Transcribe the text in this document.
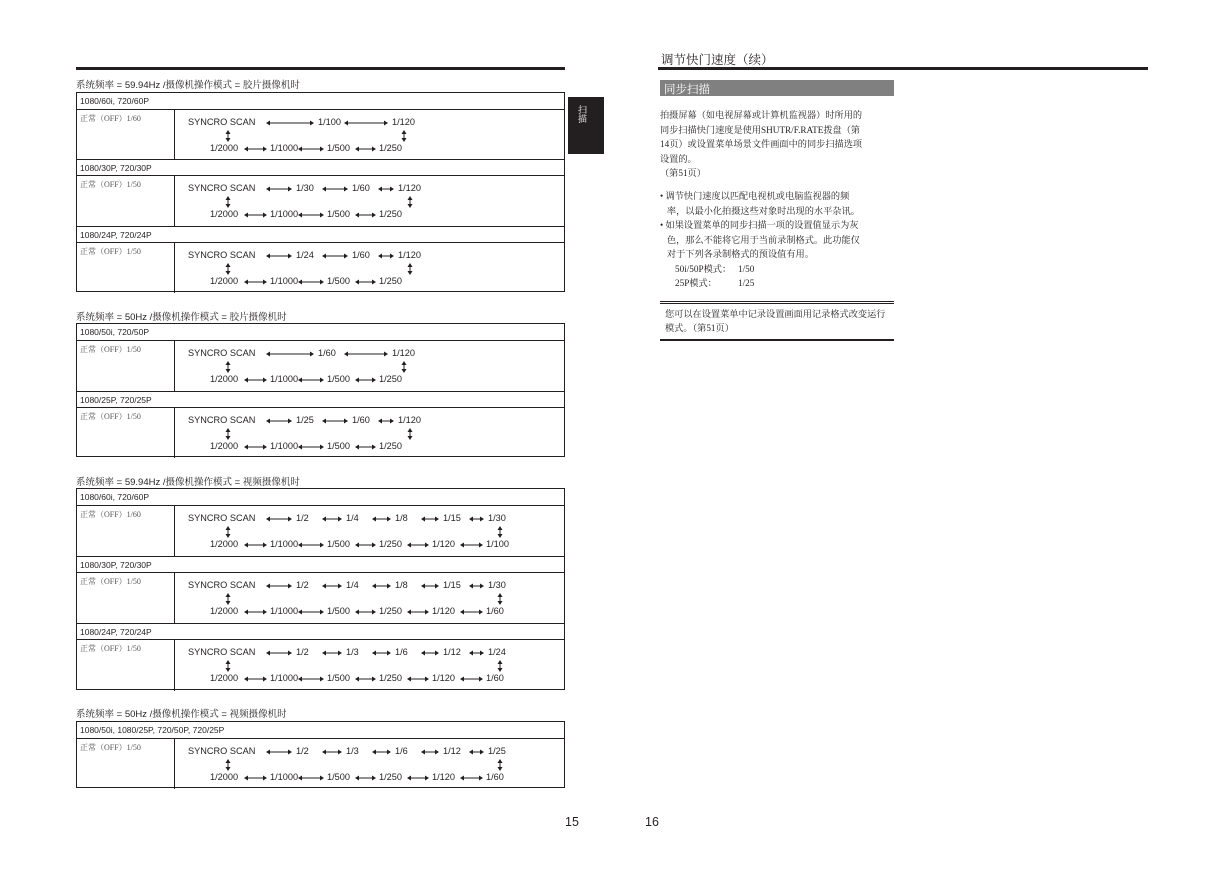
扫描
系统频率 = 59.94Hz /摄像机操作模式 = 胶片摄像机时
1080/60i, 720/60P
正常（OFF）1/60	SYNCRO SCAN	1/100	1/120
1/2000	1/1000	1/500	1/250
1080/30P, 720/30P
正常（OFF）1/50	SYNCRO SCAN	1/30	1/60	1/120
1/2000	1/1000	1/500	1/250
1080/24P, 720/24P
正常（OFF）1/50	SYNCRO SCAN	1/24	1/60	1/120
1/2000	1/1000	1/500	1/250
系统频率 = 50Hz /摄像机操作模式 = 胶片摄像机时
1080/50i, 720/50P
正常（OFF）1/50	SYNCRO SCAN	1/60	1/120
1/2000	1/1000	1/500	1/250
1080/25P, 720/25P
正常（OFF）1/50	SYNCRO SCAN	1/25	1/60	1/120
1/2000	1/1000	1/500	1/250
系统频率 = 59.94Hz /摄像机操作模式 = 视频摄像机时
1080/60i, 720/60P
正常（OFF）1/60	SYNCRO SCAN	1/2	1/4	1/8	1/15	1/30
1/2000	1/1000	1/500	1/250	1/120	1/100
1080/30P, 720/30P
正常（OFF）1/50	SYNCRO SCAN	1/2	1/4	1/8	1/15	1/30
1/2000	1/1000	1/500	1/250	1/120	1/60
1080/24P, 720/24P
正常（OFF）1/50	SYNCRO SCAN	1/2	1/3	1/6	1/12	1/24
1/2000	1/1000	1/500	1/250	1/120	1/60
系统频率 = 50Hz /摄像机操作模式 = 视频摄像机时
1080/50i, 1080/25P, 720/50P, 720/25P
正常（OFF）1/50	SYNCRO SCAN	1/2	1/3	1/6	1/12	1/25
1/2000	1/1000	1/500	1/250	1/120	1/60
15
调节快门速度（续）
同步扫描
拍摄屏幕（如电视屏幕或计算机监视器）时所用的
同步扫描快门速度是使用SHUTR/F.RATE拨盘（第
14页）或设置菜单场景文件画面中的同步扫描选项
设置的。
（第51页）
• 调节快门速度以匹配电视机或电脑监视器的频
率，以最小化拍摄这些对象时出现的水平杂讯。
• 如果设置菜单的同步扫描一项的设置值显示为灰
色，那么不能将它用于当前录制格式。此功能仅
对于下列各录制格式的预设值有用。
50i/50P模式： 1/50
25P模式： 1/25
您可以在设置菜单中记录设置画面用记录格式改变运行模式。（第51页）
16
